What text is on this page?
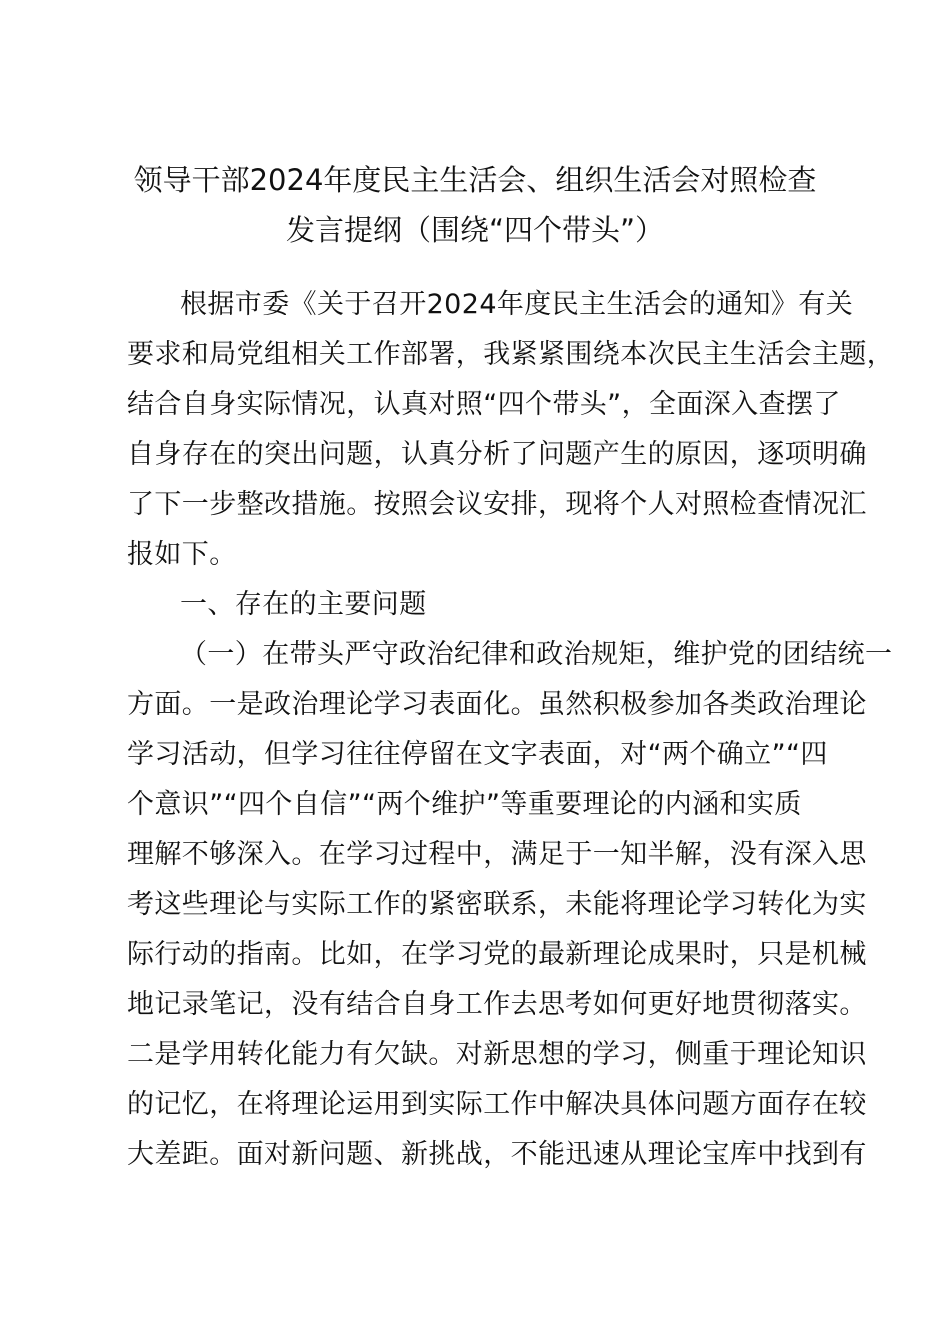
领导干部2024年度民主生活会、组织生活会对照检查
发言提纲（围绕“四个带头”）
根据市委《关于召开2024年度民主生活会的通知》有关
要求和局党组相关工作部署，我紧紧围绕本次民主生活会主题，
结合自身实际情况，认真对照“四个带头”，全面深入查摆了
自身存在的突出问题，认真分析了问题产生的原因，逐项明确
了下一步整改措施。按照会议安排，现将个人对照检查情况汇
报如下。
一、存在的主要问题
（一）在带头严守政治纪律和政治规矩，维护党的团结统一
方面。一是政治理论学习表面化。虽然积极参加各类政治理论
学习活动，但学习往往停留在文字表面，对“两个确立”“四
个意识”“四个自信”“两个维护”等重要理论的内涵和实质
理解不够深入。在学习过程中，满足于一知半解，没有深入思
考这些理论与实际工作的紧密联系，未能将理论学习转化为实
际行动的指南。比如，在学习党的最新理论成果时，只是机械
地记录笔记，没有结合自身工作去思考如何更好地贯彻落实。
二是学用转化能力有欠缺。对新思想的学习，侧重于理论知识
的记忆，在将理论运用到实际工作中解决具体问题方面存在较
大差距。面对新问题、新挑战，不能迅速从理论宝库中找到有
